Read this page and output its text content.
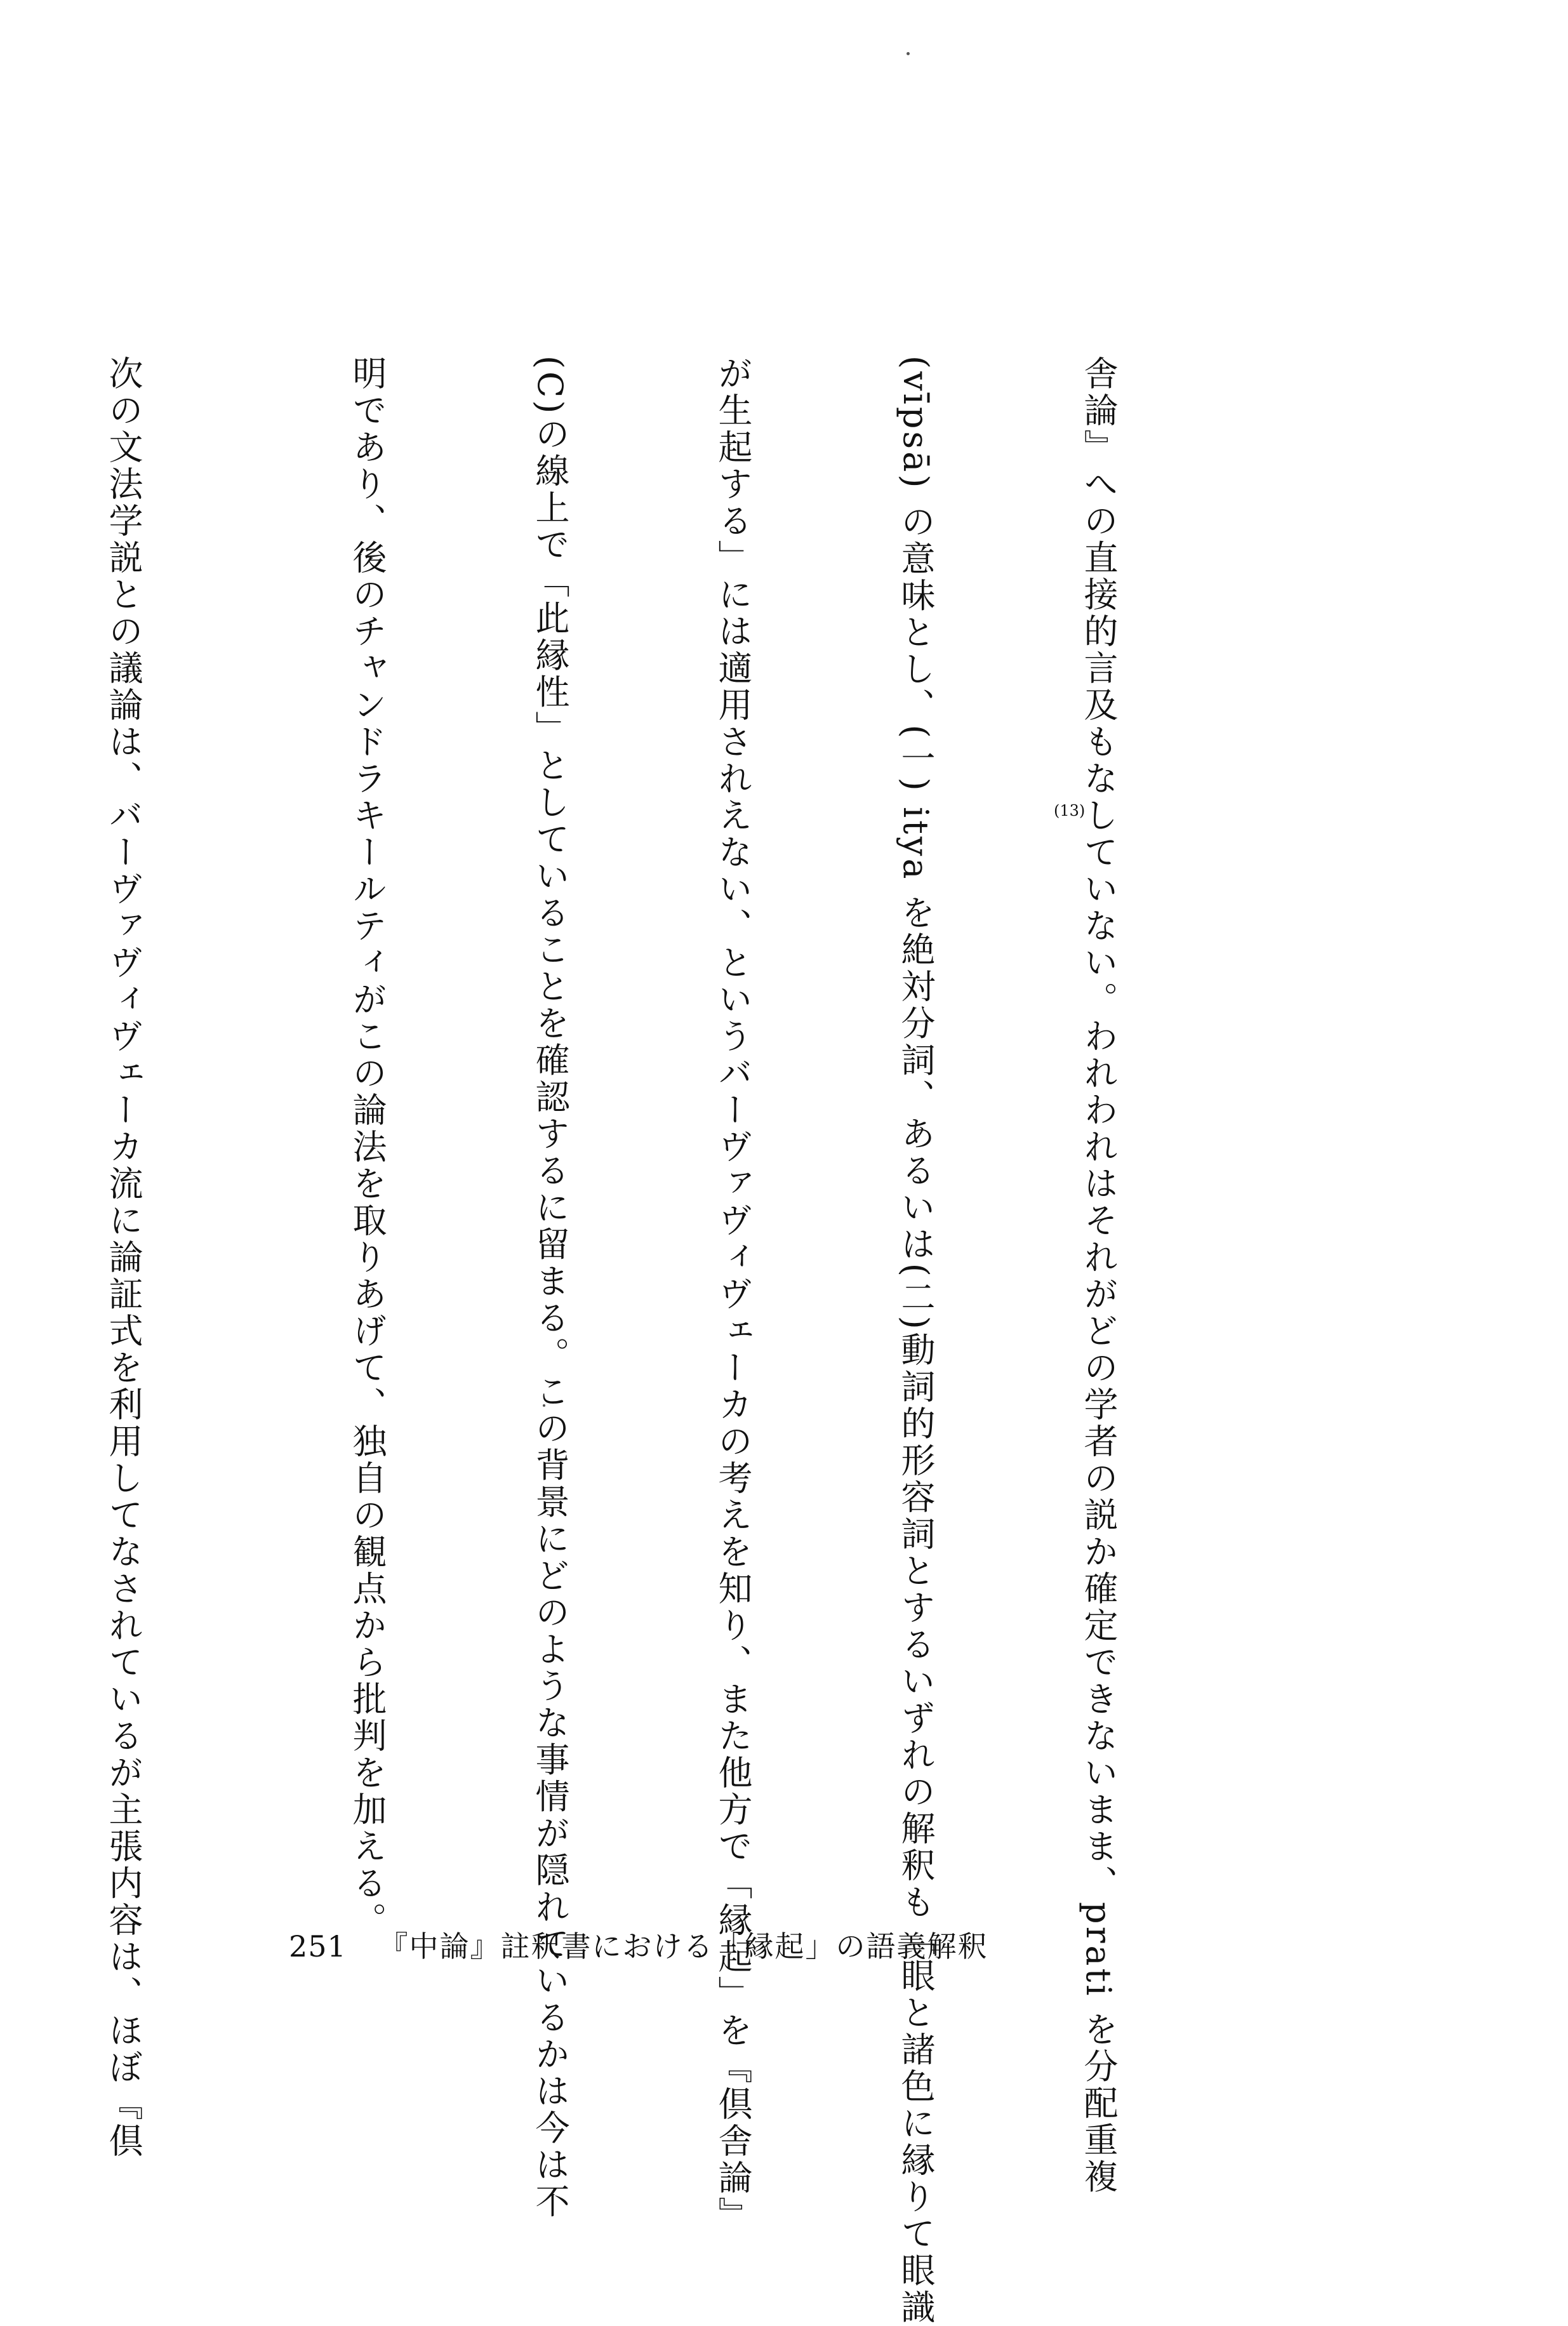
舎論』への直接的言及もなしていない。われわれはそれがどの学者の説か確定できないまま、prati を分配重複

(vīpsā) の意味とし、(一) itya を絶対分詞、あるいは(二)動詞的形容詞とするいずれの解釈も「眼と諸色に縁りて眼識

が生起する」には適用されえない、というバーヴァヴィヴェーカの考えを知り、また他方で「縁起」を『倶舎論』

(C)の線上で「此縁性」としていることを確認するに留まる。この背景にどのような事情が隠れているかは今は不

明であり、後のチャンドラキールティがこの論法を取りあげて、独自の観点から批判を加える。

次の文法学説との議論は、バーヴァヴィヴェーカ流に論証式を利用してなされているが主張内容は、ほぼ『倶

	251 『中論』註釈書における「縁起」の語義解釈
(13)
